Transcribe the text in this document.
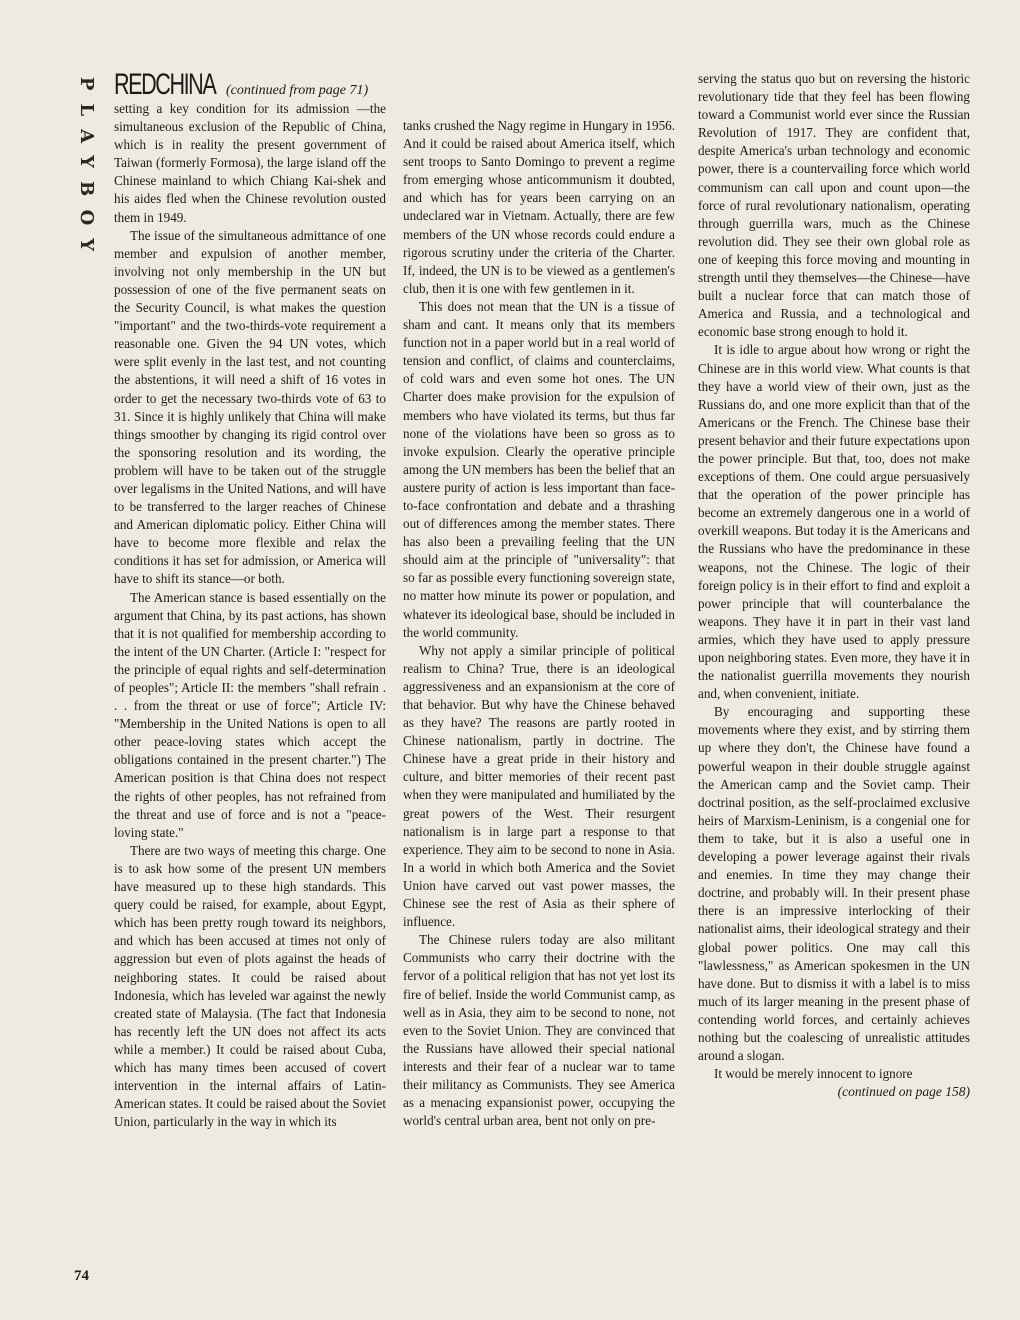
PLAYBOY
74
REDCHINA (continued from page 71)

setting a key condition for its admission —the simultaneous exclusion of the Republic of China, which is in reality the present government of Taiwan (formerly Formosa), the large island off the Chinese mainland to which Chiang Kai-shek and his aides fled when the Chinese revolution ousted them in 1949.

The issue of the simultaneous admittance of one member and expulsion of another member, involving not only membership in the UN but possession of one of the five permanent seats on the Security Council, is what makes the question "important" and the two-thirds-vote requirement a reasonable one. Given the 94 UN votes, which were split evenly in the last test, and not counting the abstentions, it will need a shift of 16 votes in order to get the necessary two-thirds vote of 63 to 31. Since it is highly unlikely that China will make things smoother by changing its rigid control over the sponsoring resolution and its wording, the problem will have to be taken out of the struggle over legalisms in the United Nations, and will have to be transferred to the larger reaches of Chinese and American diplomatic policy. Either China will have to become more flexible and relax the conditions it has set for admission, or America will have to shift its stance—or both.

The American stance is based essentially on the argument that China, by its past actions, has shown that it is not qualified for membership according to the intent of the UN Charter. (Article I: "respect for the principle of equal rights and self-determination of peoples"; Article II: the members "shall refrain . . . from the threat or use of force"; Article IV: "Membership in the United Nations is open to all other peace-loving states which accept the obligations contained in the present charter.") The American position is that China does not respect the rights of other peoples, has not refrained from the threat and use of force and is not a "peace-loving state."

There are two ways of meeting this charge. One is to ask how some of the present UN members have measured up to these high standards. This query could be raised, for example, about Egypt, which has been pretty rough toward its neighbors, and which has been accused at times not only of aggression but even of plots against the heads of neighboring states. It could be raised about Indonesia, which has leveled war against the newly created state of Malaysia. (The fact that Indonesia has recently left the UN does not affect its acts while a member.) It could be raised about Cuba, which has many times been accused of covert intervention in the internal affairs of Latin-American states. It could be raised about the Soviet Union, particularly in the way in which its

tanks crushed the Nagy regime in Hungary in 1956. And it could be raised about America itself, which sent troops to Santo Domingo to prevent a regime from emerging whose anticommunism it doubted, and which has for years been carrying on an undeclared war in Vietnam. Actually, there are few members of the UN whose records could endure a rigorous scrutiny under the criteria of the Charter. If, indeed, the UN is to be viewed as a gentlemen's club, then it is one with few gentlemen in it.

This does not mean that the UN is a tissue of sham and cant. It means only that its members function not in a paper world but in a real world of tension and conflict, of claims and counterclaims, of cold wars and even some hot ones. The UN Charter does make provision for the expulsion of members who have violated its terms, but thus far none of the violations have been so gross as to invoke expulsion. Clearly the operative principle among the UN members has been the belief that an austere purity of action is less important than face-to-face confrontation and debate and a thrashing out of differences among the member states. There has also been a prevailing feeling that the UN should aim at the principle of "universality": that so far as possible every functioning sovereign state, no matter how minute its power or population, and whatever its ideological base, should be included in the world community.

Why not apply a similar principle of political realism to China? True, there is an ideological aggressiveness and an expansionism at the core of that behavior. But why have the Chinese behaved as they have? The reasons are partly rooted in Chinese nationalism, partly in doctrine. The Chinese have a great pride in their history and culture, and bitter memories of their recent past when they were manipulated and humiliated by the great powers of the West. Their resurgent nationalism is in large part a response to that experience. They aim to be second to none in Asia. In a world in which both America and the Soviet Union have carved out vast power masses, the Chinese see the rest of Asia as their sphere of influence.

The Chinese rulers today are also militant Communists who carry their doctrine with the fervor of a political religion that has not yet lost its fire of belief. Inside the world Communist camp, as well as in Asia, they aim to be second to none, not even to the Soviet Union. They are convinced that the Russians have allowed their special national interests and their fear of a nuclear war to tame their militancy as Communists. They see America as a menacing expansionist power, occupying the world's central urban area, bent not only on pre-

serving the status quo but on reversing the historic revolutionary tide that they feel has been flowing toward a Communist world ever since the Russian Revolution of 1917. They are confident that, despite America's urban technology and economic power, there is a countervailing force which world communism can call upon and count upon—the force of rural revolutionary nationalism, operating through guerrilla wars, much as the Chinese revolution did. They see their own global role as one of keeping this force moving and mounting in strength until they themselves—the Chinese—have built a nuclear force that can match those of America and Russia, and a technological and economic base strong enough to hold it.

It is idle to argue about how wrong or right the Chinese are in this world view. What counts is that they have a world view of their own, just as the Russians do, and one more explicit than that of the Americans or the French. The Chinese base their present behavior and their future expectations upon the power principle. But that, too, does not make exceptions of them. One could argue persuasively that the operation of the power principle has become an extremely dangerous one in a world of overkill weapons. But today it is the Americans and the Russians who have the predominance in these weapons, not the Chinese. The logic of their foreign policy is in their effort to find and exploit a power principle that will counterbalance the weapons. They have it in part in their vast land armies, which they have used to apply pressure upon neighboring states. Even more, they have it in the nationalist guerrilla movements they nourish and, when convenient, initiate.

By encouraging and supporting these movements where they exist, and by stirring them up where they don't, the Chinese have found a powerful weapon in their double struggle against the American camp and the Soviet camp. Their doctrinal position, as the self-proclaimed exclusive heirs of Marxism-Leninism, is a congenial one for them to take, but it is also a useful one in developing a power leverage against their rivals and enemies. In time they may change their doctrine, and probably will. In their present phase there is an impressive interlocking of their nationalist aims, their ideological strategy and their global power politics. One may call this "lawlessness," as American spokesmen in the UN have done. But to dismiss it with a label is to miss much of its larger meaning in the present phase of contending world forces, and certainly achieves nothing but the coalescing of unrealistic attitudes around a slogan.

It would be merely innocent to ignore

(continued on page 158)
